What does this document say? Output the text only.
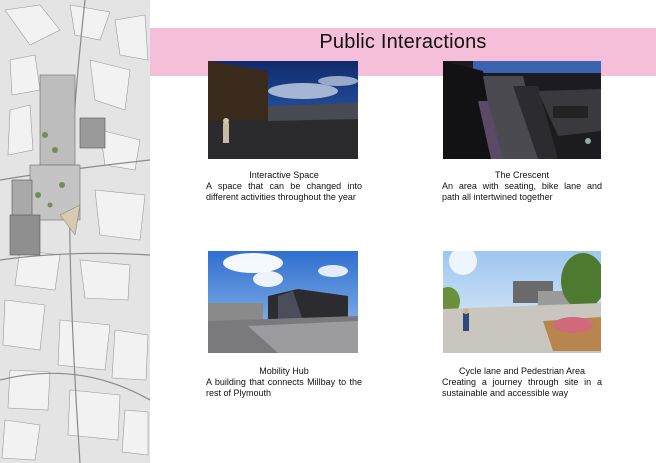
Public Interactions
Interactive Space
A space that can be changed into different activities throughout the year
The Crescent
An area with seating, bike lane and path all intertwined together
Mobility Hub
A building that connects Millbay to the rest of Plymouth
Cycle lane and Pedestrian Area
Creating a journey through site in a sustainable and accessible way
